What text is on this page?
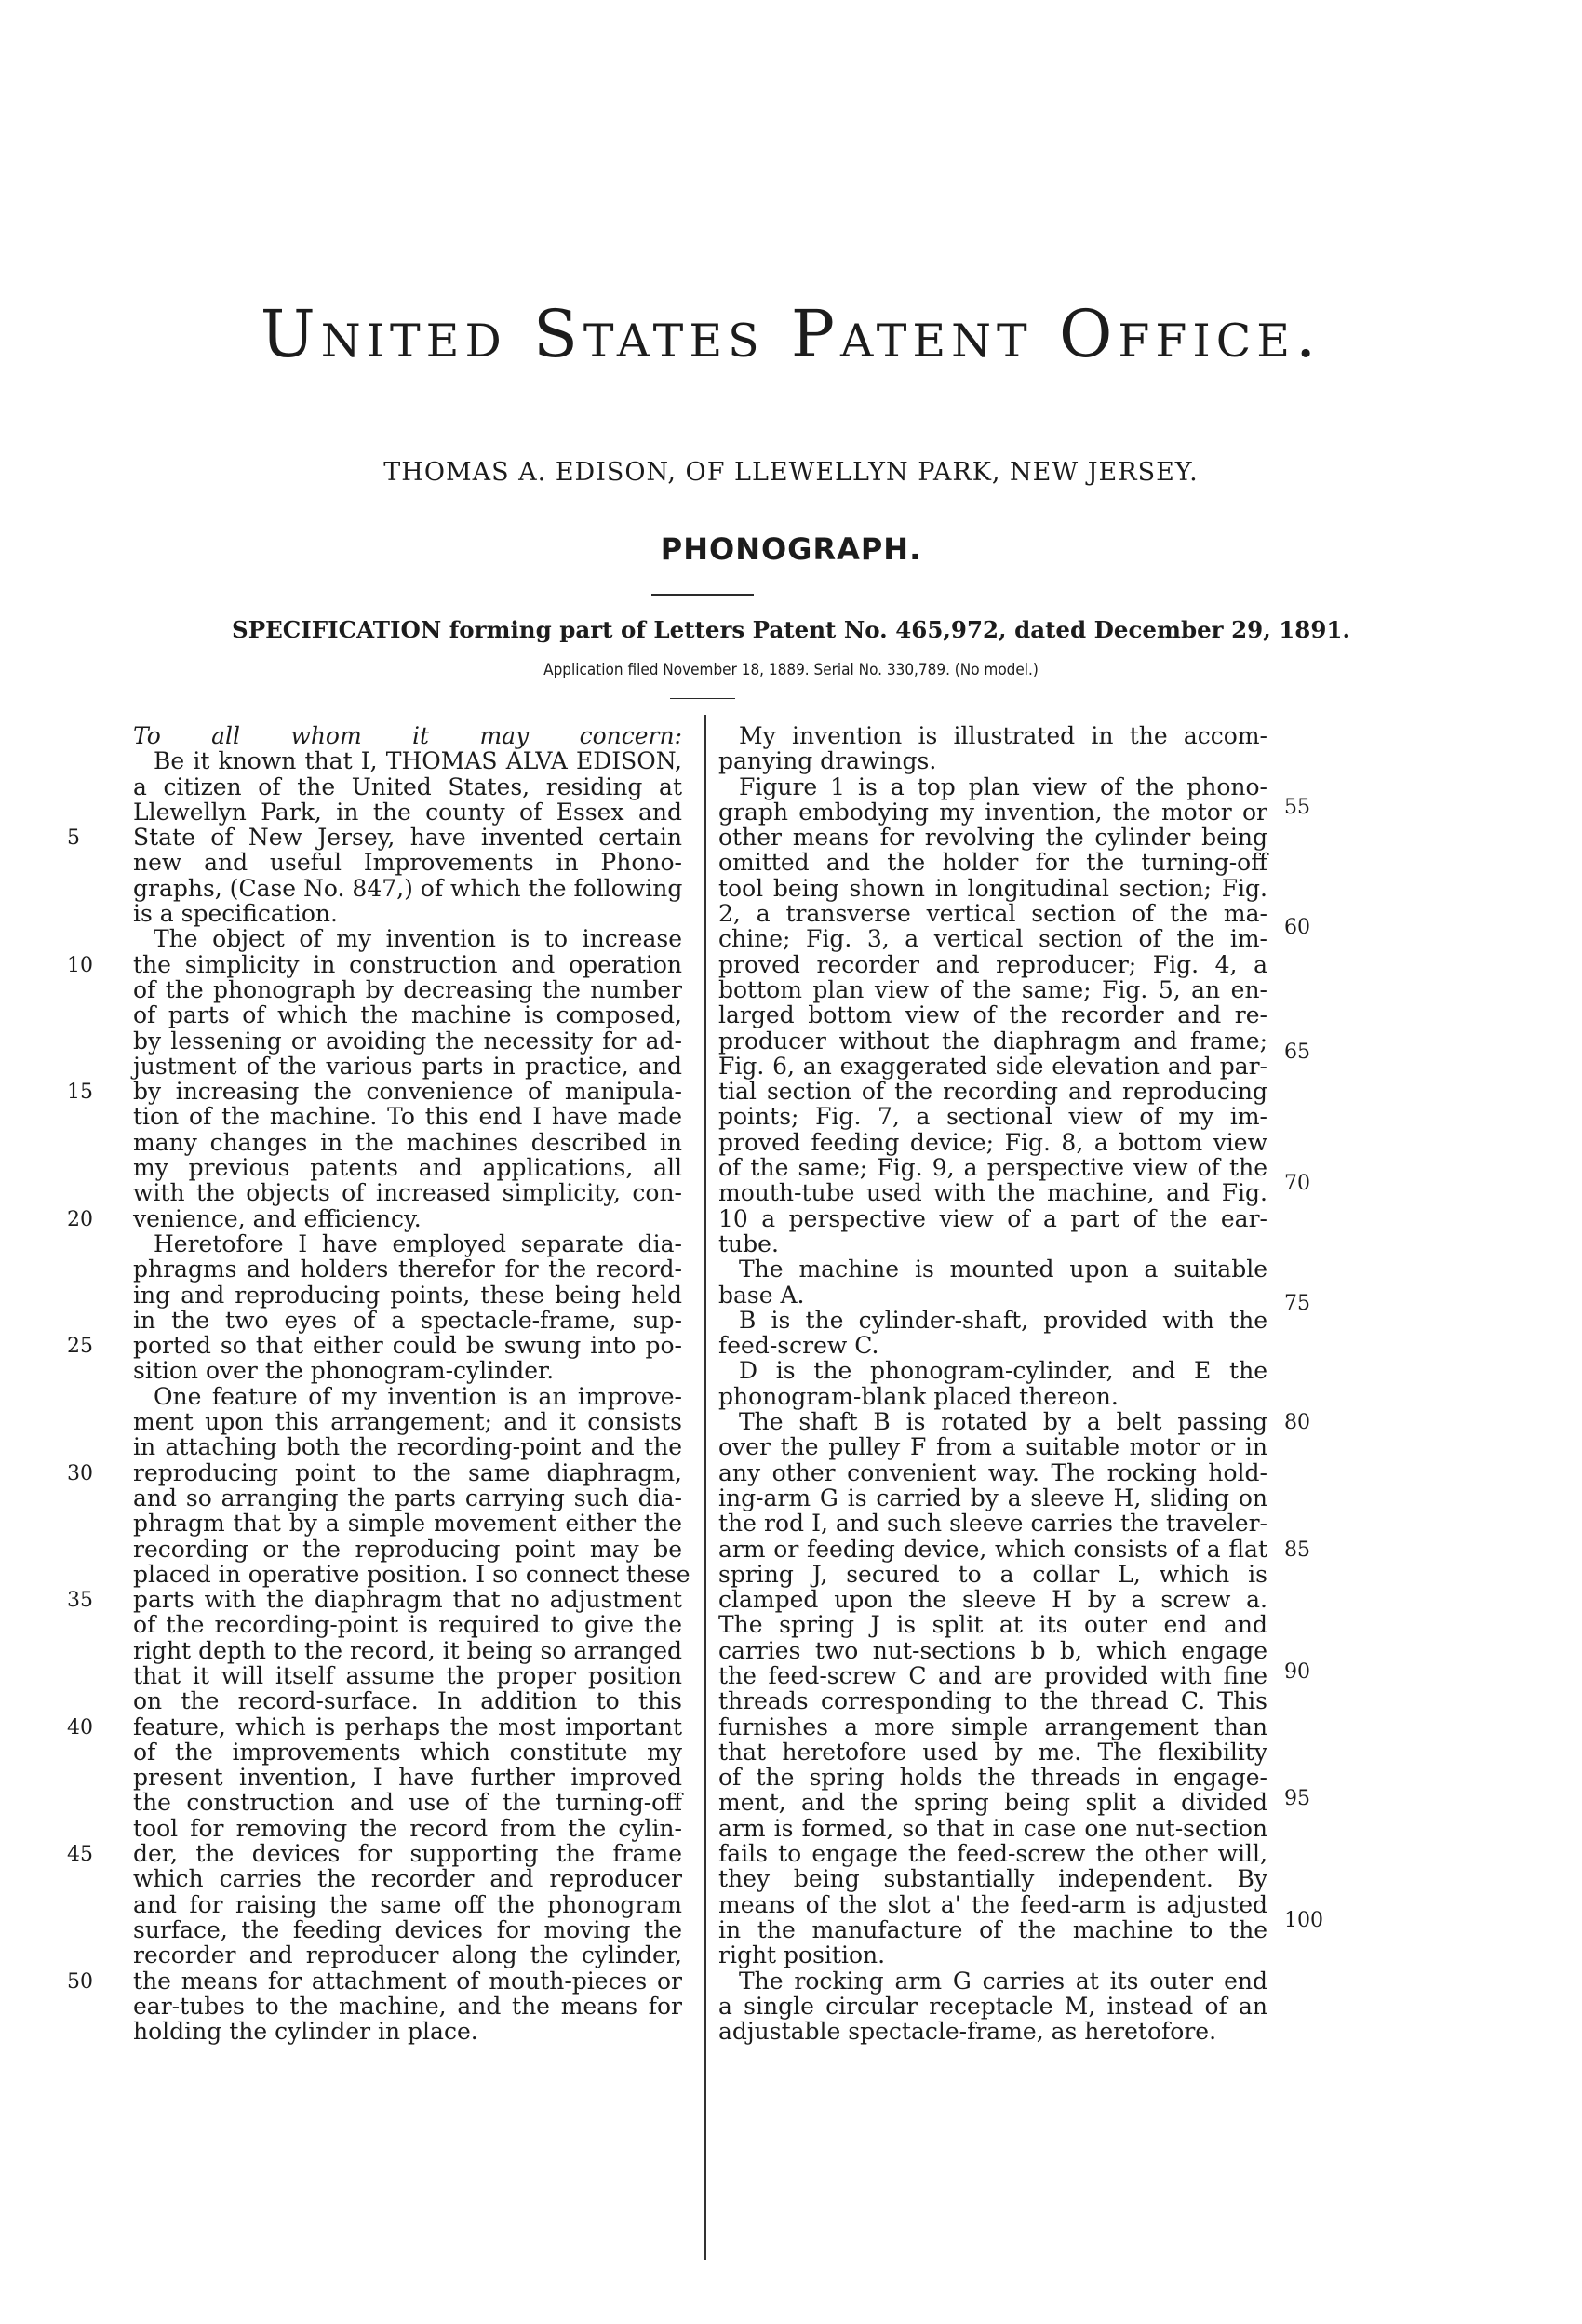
United States Patent Office.
THOMAS A. EDISON, OF LLEWELLYN PARK, NEW JERSEY.
PHONOGRAPH.
SPECIFICATION forming part of Letters Patent No. 465,972, dated December 29, 1891.
Application filed November 18, 1889. Serial No. 330,789. (No model.)
To all whom it may concern:
Be it known that I, THOMAS ALVA EDISON,
a citizen of the United States, residing at
Llewellyn Park, in the county of Essex and
State of New Jersey, have invented certain
new and useful Improvements in Phono-
graphs, (Case No. 847,) of which the following
is a specification.
The object of my invention is to increase
the simplicity in construction and operation
of the phonograph by decreasing the number
of parts of which the machine is composed,
by lessening or avoiding the necessity for ad-
justment of the various parts in practice, and
by increasing the convenience of manipula-
tion of the machine. To this end I have made
many changes in the machines described in
my previous patents and applications, all
with the objects of increased simplicity, con-
venience, and efficiency.
Heretofore I have employed separate dia-
phragms and holders therefor for the record-
ing and reproducing points, these being held
in the two eyes of a spectacle-frame, sup-
ported so that either could be swung into po-
sition over the phonogram-cylinder.
One feature of my invention is an improve-
ment upon this arrangement; and it consists
in attaching both the recording-point and the
reproducing point to the same diaphragm,
and so arranging the parts carrying such dia-
phragm that by a simple movement either the
recording or the reproducing point may be
placed in operative position. I so connect these
parts with the diaphragm that no adjustment
of the recording-point is required to give the
right depth to the record, it being so arranged
that it will itself assume the proper position
on the record-surface. In addition to this
feature, which is perhaps the most important
of the improvements which constitute my
present invention, I have further improved
the construction and use of the turning-off
tool for removing the record from the cylin-
der, the devices for supporting the frame
which carries the recorder and reproducer
and for raising the same off the phonogram
surface, the feeding devices for moving the
recorder and reproducer along the cylinder,
the means for attachment of mouth-pieces or
ear-tubes to the machine, and the means for
holding the cylinder in place.
My invention is illustrated in the accom-
panying drawings.
Figure 1 is a top plan view of the phono-
graph embodying my invention, the motor or
other means for revolving the cylinder being
omitted and the holder for the turning-off
tool being shown in longitudinal section; Fig.
2, a transverse vertical section of the ma-
chine; Fig. 3, a vertical section of the im-
proved recorder and reproducer; Fig. 4, a
bottom plan view of the same; Fig. 5, an en-
larged bottom view of the recorder and re-
producer without the diaphragm and frame;
Fig. 6, an exaggerated side elevation and par-
tial section of the recording and reproducing
points; Fig. 7, a sectional view of my im-
proved feeding device; Fig. 8, a bottom view
of the same; Fig. 9, a perspective view of the
mouth-tube used with the machine, and Fig.
10 a perspective view of a part of the ear-
tube.
The machine is mounted upon a suitable
base A.
B is the cylinder-shaft, provided with the
feed-screw C.
D is the phonogram-cylinder, and E the
phonogram-blank placed thereon.
The shaft B is rotated by a belt passing
over the pulley F from a suitable motor or in
any other convenient way. The rocking hold-
ing-arm G is carried by a sleeve H, sliding on
the rod I, and such sleeve carries the traveler-
arm or feeding device, which consists of a flat
spring J, secured to a collar L, which is
clamped upon the sleeve H by a screw a.
The spring J is split at its outer end and
carries two nut-sections b b, which engage
the feed-screw C and are provided with fine
threads corresponding to the thread C. This
furnishes a more simple arrangement than
that heretofore used by me. The flexibility
of the spring holds the threads in engage-
ment, and the spring being split a divided
arm is formed, so that in case one nut-section
fails to engage the feed-screw the other will,
they being substantially independent. By
means of the slot a' the feed-arm is adjusted
in the manufacture of the machine to the
right position.
The rocking arm G carries at its outer end
a single circular receptacle M, instead of an
adjustable spectacle-frame, as heretofore.
5
10
15
20
25
30
35
40
45
50
55
60
65
70
75
80
85
90
95
100
